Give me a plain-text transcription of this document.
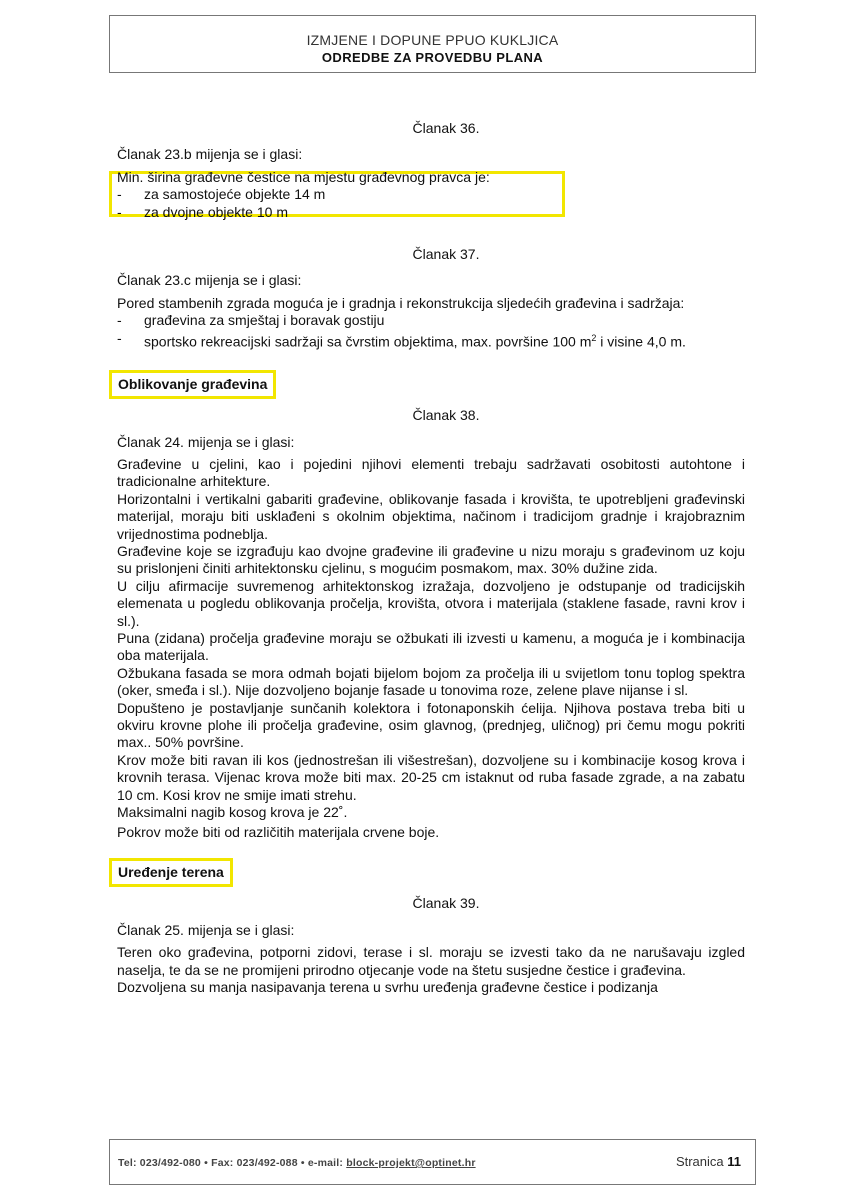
IZMJENE I DOPUNE PPUO KUKLJICA
ODREDBE ZA PROVEDBU PLANA
Članak 36.
Članak 23.b mijenja se i glasi:

Min. širina građevne čestice na mjestu građevnog pravca je:

- za samostojeće objekte 14 m
- za dvojne objekte 10 m
Članak 37.
Članak 23.c mijenja se i glasi:

Pored stambenih zgrada moguća je i gradnja i rekonstrukcija sljedećih građevina i sadržaja:

- građevina za smještaj i boravak gostiju
- sportsko rekreacijski sadržaji sa čvrstim objektima, max. površine 100 $m^2$ i visine 4,0 m.
Oblikovanje građevina
Članak 38.
Članak 24. mijenja se i glasi:

Građevine u cjelini, kao i pojedini njihovi elementi trebaju sadržavati osobitosti autohtone i tradicionalne arhitekture.

Horizontalni i vertikalni gabariti građevine, oblikovanje fasada i krovišta, te upotrebljeni građevinski materijal, moraju biti usklađeni s okolnim objektima, načinom i tradicijom gradnje i krajobraznim vrijednostima podneblja.

Građevine koje se izgrađuju kao dvojne građevine ili građevine u nizu moraju s građevinom uz koju su prislonjeni činiti arhitektonsku cjelinu, s mogućim posmakom, max. 30% dužine zida.

U cilju afirmacije suvremenog arhitektonskog izražaja, dozvoljeno je odstupanje od tradicijskih elemenata u pogledu oblikovanja pročelja, krovišta, otvora i materijala (staklene fasade, ravni krov i sl.).

Puna (zidana) pročelja građevine moraju se ožbukati ili izvesti u kamenu, a moguća je i kombinacija oba materijala.

Ožbukana fasada se mora odmah bojati bijelom bojom za pročelja ili u svijetlom tonu toplog spektra (oker, smeđa i sl.). Nije dozvoljeno bojanje fasade u tonovima roze, zelene plave nijanse i sl.

Dopušteno je postavljanje sunčanih kolektora i fotonaponskih ćelija. Njihova postava treba biti u okviru krovne plohe ili pročelja građevine, osim glavnog, (prednjeg, uličnog) pri čemu mogu pokriti max.. 50% površine.

Krov može biti ravan ili kos (jednostrešan ili višestrešan), dozvoljene su i kombinacije kosog krova i krovnih terasa. Vijenac krova može biti max. 20-25 cm istaknut od ruba fasade zgrade, a na zabatu 10 cm. Kosi krov ne smije imati strehu.

Maksimalni nagib kosog krova je 22˚.

Pokrov može biti od različitih materijala crvene boje.

Uređenje terena
Članak 39.
Članak 25. mijenja se i glasi:

Teren oko građevina, potporni zidovi, terase i sl. moraju se izvesti tako da ne narušavaju izgled naselja, te da se ne promijeni prirodno otjecanje vode na štetu susjedne čestice i građevina.

Dozvoljena su manja nasipavanja terena u svrhu uređenja građevne čestice i podizanja

Tel: 023/492-080 • Fax: 023/492-088 • e-mail: block-projekt@optinet.hr	Stranica 11
